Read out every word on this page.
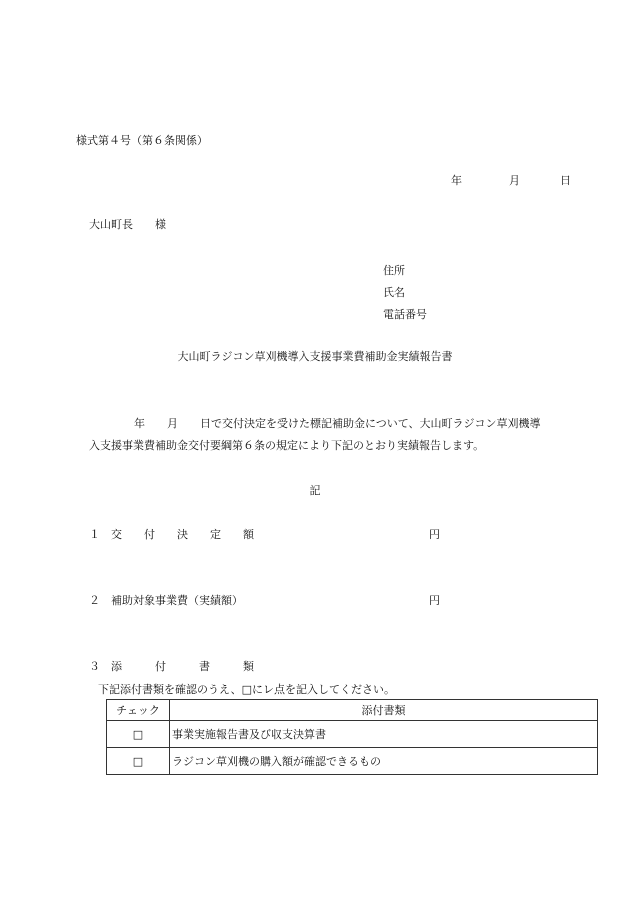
様式第４号（第６条関係）
年	月	日
大山町長 様
住所
氏名
電話番号
大山町ラジコン草刈機導入支援事業費補助金実績報告書
年 月 日で交付決定を受けた標記補助金について、大山町ラジコン草刈機導
入支援事業費補助金交付要綱第６条の規定により下記のとおり実績報告します。
記
１ 交　　付　　決　　定　　額	円
２ 補助対象事業費（実績額）	円
３ 添　　　付　　　書　　　類
下記添付書類を確認のうえ、□にレ点を記入してください。
チェック	添付書類
□	事業実施報告書及び収支決算書
□	ラジコン草刈機の購入額が確認できるもの
